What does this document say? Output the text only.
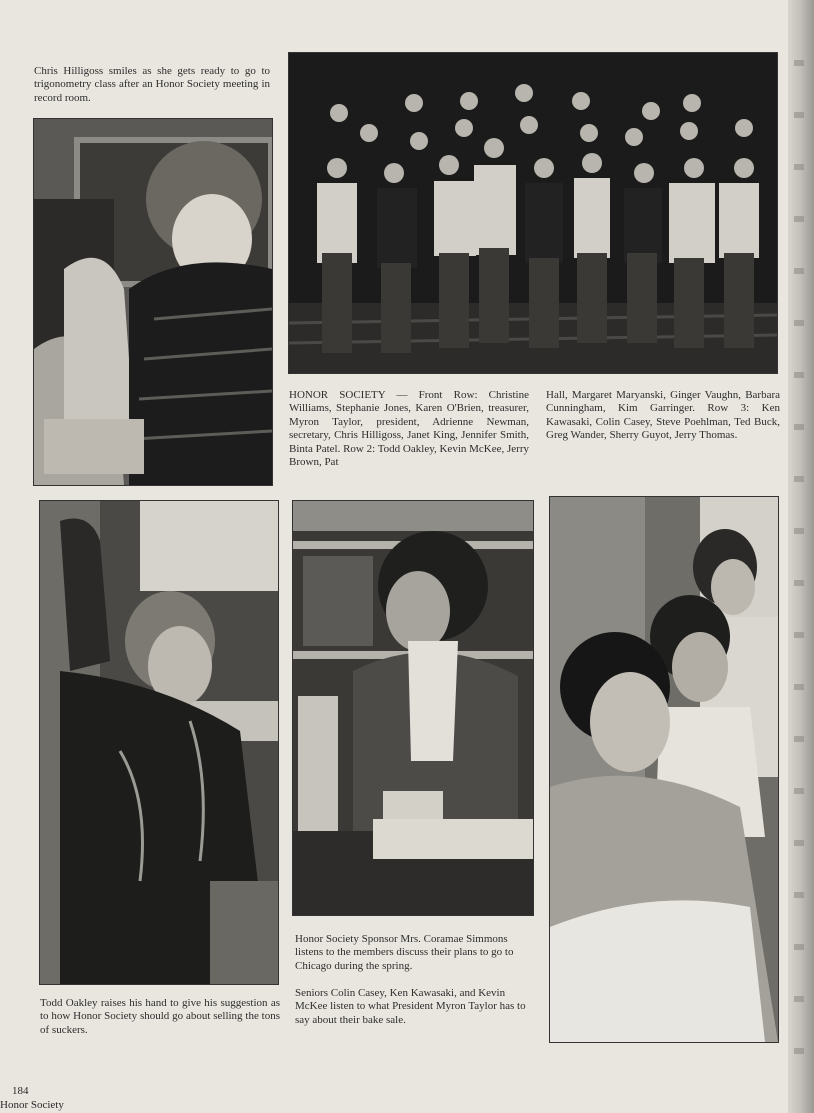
Chris Hilligoss smiles as she gets ready to go to trigonometry class after an Honor Society meeting in record room.

HONOR SOCIETY — Front Row: Christine Williams, Stephanie Jones, Karen O'Brien, treasurer, Myron Taylor, president, Adrienne Newman, secretary, Chris Hilligoss, Janet King, Jennifer Smith, Binta Patel. Row 2: Todd Oakley, Kevin McKee, Jerry Brown, Pat

Hall, Margaret Maryanski, Ginger Vaughn, Barbara Cunningham, Kim Garringer. Row 3: Ken Kawasaki, Colin Casey, Steve Poehlman, Ted Buck, Greg Wander, Sherry Guyot, Jerry Thomas.

Todd Oakley raises his hand to give his suggestion as to how Honor Society should go about selling the tons of suckers.

Honor Society Sponsor Mrs. Coramae Simmons listens to the members discuss their plans to go to Chicago during the spring.

Seniors Colin Casey, Ken Kawasaki, and Kevin McKee listen to what President Myron Taylor has to say about their bake sale.

184
Honor Society
